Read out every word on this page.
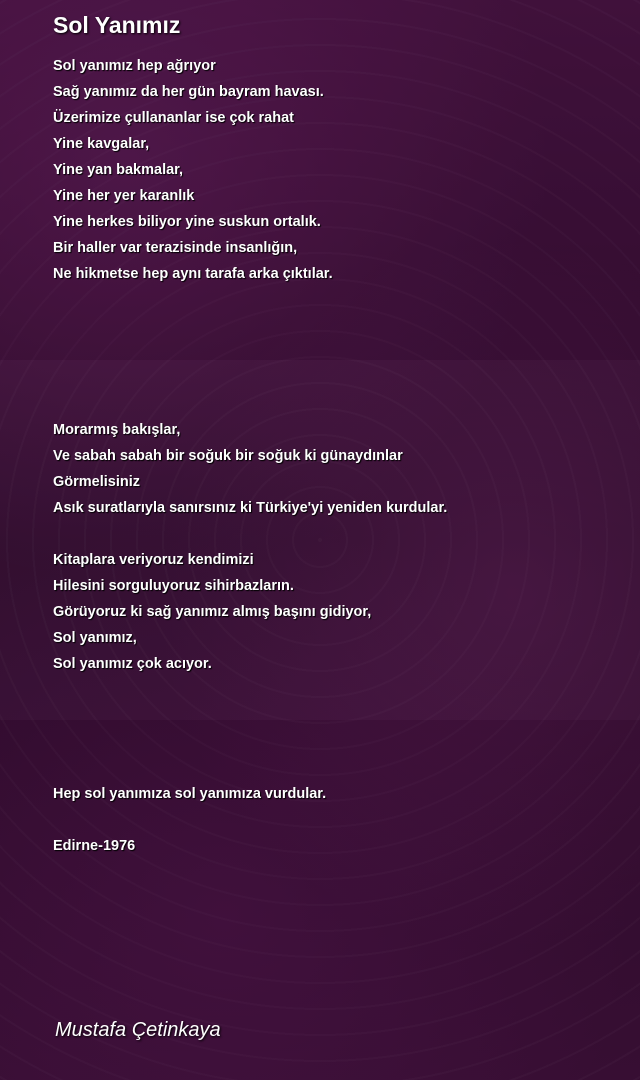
Sol Yanımız
Sol yanımız hep ağrıyor
Sağ yanımız da her gün bayram havası.
Üzerimize çullananlar ise çok rahat
Yine kavgalar,
Yine yan bakmalar,
Yine her yer karanlık
Yine herkes biliyor yine suskun ortalık.
Bir haller var terazisinde insanlığın,
Ne hikmetse hep aynı tarafa arka çıktılar.
Morarmış bakışlar,
Ve sabah sabah bir soğuk bir soğuk ki günaydınlar
Görmelisiniz
Asık suratlarıyla sanırsınız ki Türkiye'yi yeniden kurdular.
Kitaplara veriyoruz kendimizi
Hilesini sorguluyoruz sihirbazların.
Görüyoruz ki sağ yanımız almış başını gidiyor,
Sol yanımız,
Sol yanımız çok acıyor.
Hep sol yanımıza sol yanımıza vurdular.
Edirne-1976
Mustafa Çetinkaya
